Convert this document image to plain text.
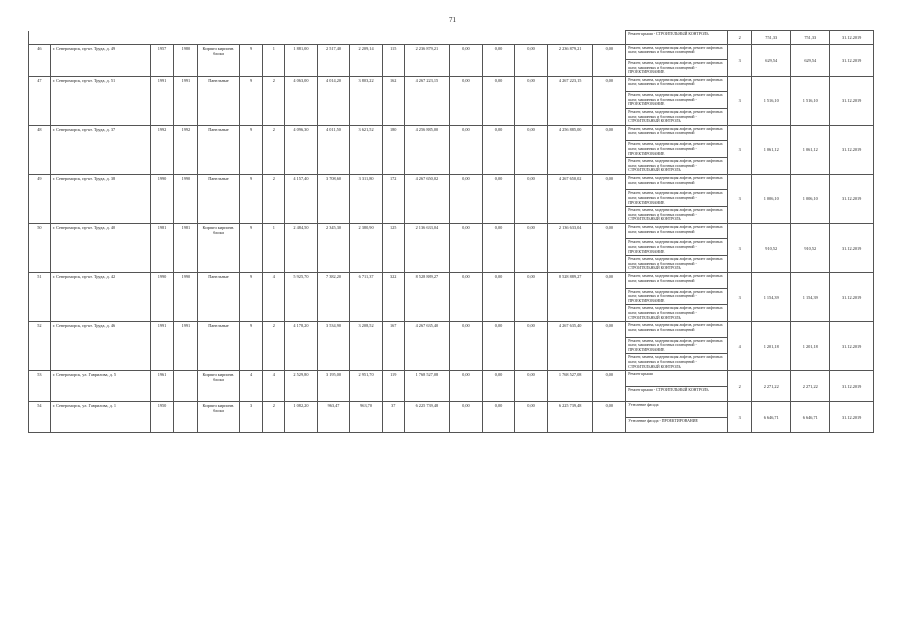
71
																	Ремонт крыши - СТРОИТЕЛЬНЫЙ КОНТРОЛЬ	2	751,33	751,33	31.12.2019
46	г. Североморск, пр-кт. Труда, д. 49	1957	1980	Кирпич кирпичн. блоки	9	1	1 881,00	2 517,40	2 209,14	115	2 236 879,21	0,00	0,00	0,00	2 236 879,21	0,00	Ремонт, замена, модернизация лифтов, ремонт лифтовых шахт, машинных и блочных помещений	3	629,54	629,54	31.12.2019
																	Ремонт, замена, модернизация лифтов, ремонт лифтовых шахт, машинных и блочных помещений - ПРОЕКТИРОВАНИЕ				
47	г. Североморск, пр-кт. Труда, д. 51	1991	1991	Панельные	9	2	4 063,00	4 014,20	3 803,22	162	4 267 223,15	0,00	0,00	0,00	4 267 223,15	0,00	Ремонт, замена, модернизация лифтов, ремонт лифтовых шахт, машинных и блочных помещений	3	1 516,10	1 516,10	31.12.2019
																	Ремонт, замена, модернизация лифтов, ремонт лифтовых шахт, машинных и блочных помещений - ПРОЕКТИРОВАНИЕ				
																	Ремонт, замена, модернизация лифтов, ремонт лифтовых шахт, машинных и блочных помещений - СТРОИТЕЛЬНЫЙ КОНТРОЛЬ				
48	г. Североморск, пр-кт. Труда, д. 37	1992	1992	Панельные	9	2	4 096,30	4 011,50	3 621,52	180	4 256 885,00	0,00	0,00	0,00	4 256 885,00	0,00	Ремонт, замена, модернизация лифтов, ремонт лифтовых шахт, машинных и блочных помещений	3	1 061,12	1 061,12	31.12.2019
																	Ремонт, замена, модернизация лифтов, ремонт лифтовых шахт, машинных и блочных помещений - ПРОЕКТИРОВАНИЕ				
																	Ремонт, замена, модернизация лифтов, ремонт лифтовых шахт, машинных и блочных помещений - СТРОИТЕЛЬНЫЙ КОНТРОЛЬ				
49	г. Североморск, пр-кт. Труда, д. 38	1990	1990	Панельные	9	2	4 157,40	3 708,60	3 311,80	172	4 267 650,02	0,00	0,00	0,00	4 267 650,02	0,00	Ремонт, замена, модернизация лифтов, ремонт лифтовых шахт, машинных и блочных помещений	3	1 006,10	1 006,10	31.12.2019
																	Ремонт, замена, модернизация лифтов, ремонт лифтовых шахт, машинных и блочных помещений - ПРОЕКТИРОВАНИЕ				
																	Ремонт, замена, модернизация лифтов, ремонт лифтовых шахт, машинных и блочных помещений - СТРОИТЕЛЬНЫЙ КОНТРОЛЬ				
50	г. Североморск, пр-кт. Труда, д. 40	1981	1981	Кирпич кирпичн. блоки	9	1	2 484,50	2 345,30	2 380,90	125	2 136 633,04	0,00	0,00	0,00	2 136 633,04	0,00	Ремонт, замена, модернизация лифтов, ремонт лифтовых шахт, машинных и блочных помещений	3	910,52	910,52	31.12.2019
																	Ремонт, замена, модернизация лифтов, ремонт лифтовых шахт, машинных и блочных помещений - ПРОЕКТИРОВАНИЕ				
																	Ремонт, замена, модернизация лифтов, ремонт лифтовых шахт, машинных и блочных помещений - СТРОИТЕЛЬНЫЙ КОНТРОЛЬ				
51	г. Североморск, пр-кт. Труда, д. 42	1990	1990	Панельные	9	4	5 925,70	7 382,20	6 711,37	322	8 528 889,27	0,00	0,00	0,00	8 528 889,27	0,00	Ремонт, замена, модернизация лифтов, ремонт лифтовых шахт, машинных и блочных помещений	3	1 154,39	1 154,39	31.12.2019
																	Ремонт, замена, модернизация лифтов, ремонт лифтовых шахт, машинных и блочных помещений - ПРОЕКТИРОВАНИЕ				
																	Ремонт, замена, модернизация лифтов, ремонт лифтовых шахт, машинных и блочных помещений - СТРОИТЕЛЬНЫЙ КОНТРОЛЬ				
52	г. Североморск, пр-кт. Труда, д. 46	1991	1991	Панельные	9	2	4 178,20	3 534,90	3 208,52	167	4 267 635,40	0,00	0,00	0,00	4 267 635,40	0,00	Ремонт, замена, модернизация лифтов, ремонт лифтовых шахт, машинных и блочных помещений	4	1 201,18	1 201,18	31.12.2019
																	Ремонт, замена, модернизация лифтов, ремонт лифтовых шахт, машинных и блочных помещений - ПРОЕКТИРОВАНИЕ				
																	Ремонт, замена, модернизация лифтов, ремонт лифтовых шахт, машинных и блочных помещений - СТРОИТЕЛЬНЫЙ КОНТРОЛЬ				
53	г. Североморск, ул. Гаврилова, д. 5	1961		Кирпич кирпичн. блоки	4	4	2 529,80	3 195,00	2 951,70	119	1 768 527,08	0,00	0,00	0,00	1 768 527,08	0,00	Ремонт крыши	2	2 271,22	2 271,22	31.12.2019
																	Ремонт крыши - СТРОИТЕЛЬНЫЙ КОНТРОЛЬ				
54	г. Североморск, ул. Гаврилова, д. 1	1950		Кирпич кирпичн. блоки	3	2	1 082,20	963,47	963,70	37	6 225 739,48	0,00	0,00	0,00	6 225 739,48	0,00	Утепление фасада	3	6 646,71	6 646,71	31.12.2019
																	Утепление фасада - ПРОЕКТИРОВАНИЕ				
